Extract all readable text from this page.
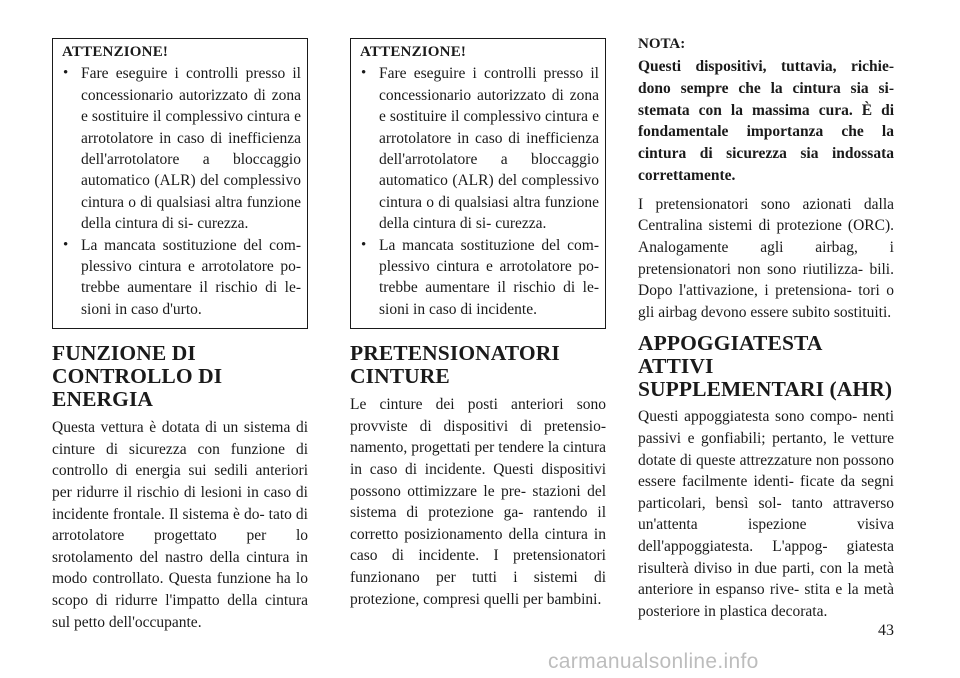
ATTENZIONE!
• Fare eseguire i controlli presso il concessionario autorizzato di zona e sostituire il complessivo cintura e arrotolatore in caso di inefficienza dell'arrotolatore a bloccaggio automatico (ALR) del complessivo cintura o di qualsiasi altra funzione della cintura di si- curezza.
• La mancata sostituzione del com- plessivo cintura e arrotolatore po- trebbe aumentare il rischio di le- sioni in caso d'urto.
FUNZIONE DI CONTROLLO DI ENERGIA

Questa vettura è dotata di un sistema di cinture di sicurezza con funzione di controllo di energia sui sedili anteriori per ridurre il rischio di lesioni in caso di incidente frontale. Il sistema è do- tato di arrotolatore progettato per lo srotolamento del nastro della cintura in modo controllato. Questa funzione ha lo scopo di ridurre l'impatto della cintura sul petto dell'occupante.

ATTENZIONE!
• Fare eseguire i controlli presso il concessionario autorizzato di zona e sostituire il complessivo cintura e arrotolatore in caso di inefficienza dell'arrotolatore a bloccaggio automatico (ALR) del complessivo cintura o di qualsiasi altra funzione della cintura di si- curezza.
• La mancata sostituzione del com- plessivo cintura e arrotolatore po- trebbe aumentare il rischio di le- sioni in caso di incidente.
PRETENSIONATORI CINTURE

Le cinture dei posti anteriori sono provviste di dispositivi di pretensio- namento, progettati per tendere la cintura in caso di incidente. Questi dispositivi possono ottimizzare le pre- stazioni del sistema di protezione ga- rantendo il corretto posizionamento della cintura in caso di incidente. I pretensionatori funzionano per tutti i sistemi di protezione, compresi quelli per bambini.

NOTA:

Questi dispositivi, tuttavia, richie- dono sempre che la cintura sia si- stemata con la massima cura. È di fondamentale importanza che la cintura di sicurezza sia indossata correttamente.

I pretensionatori sono azionati dalla Centralina sistemi di protezione (ORC). Analogamente agli airbag, i pretensionatori non sono riutilizza- bili. Dopo l'attivazione, i pretensiona- tori o gli airbag devono essere subito sostituiti.

APPOGGIATESTA ATTIVI SUPPLEMENTARI (AHR)

Questi appoggiatesta sono compo- nenti passivi e gonfiabili; pertanto, le vetture dotate di queste attrezzature non possono essere facilmente identi- ficate da segni particolari, bensì sol- tanto attraverso un'attenta ispezione visiva dell'appoggiatesta. L'appog- giatesta risulterà diviso in due parti, con la metà anteriore in espanso rive- stita e la metà posteriore in plastica decorata.

43
carmanualsonline.info
